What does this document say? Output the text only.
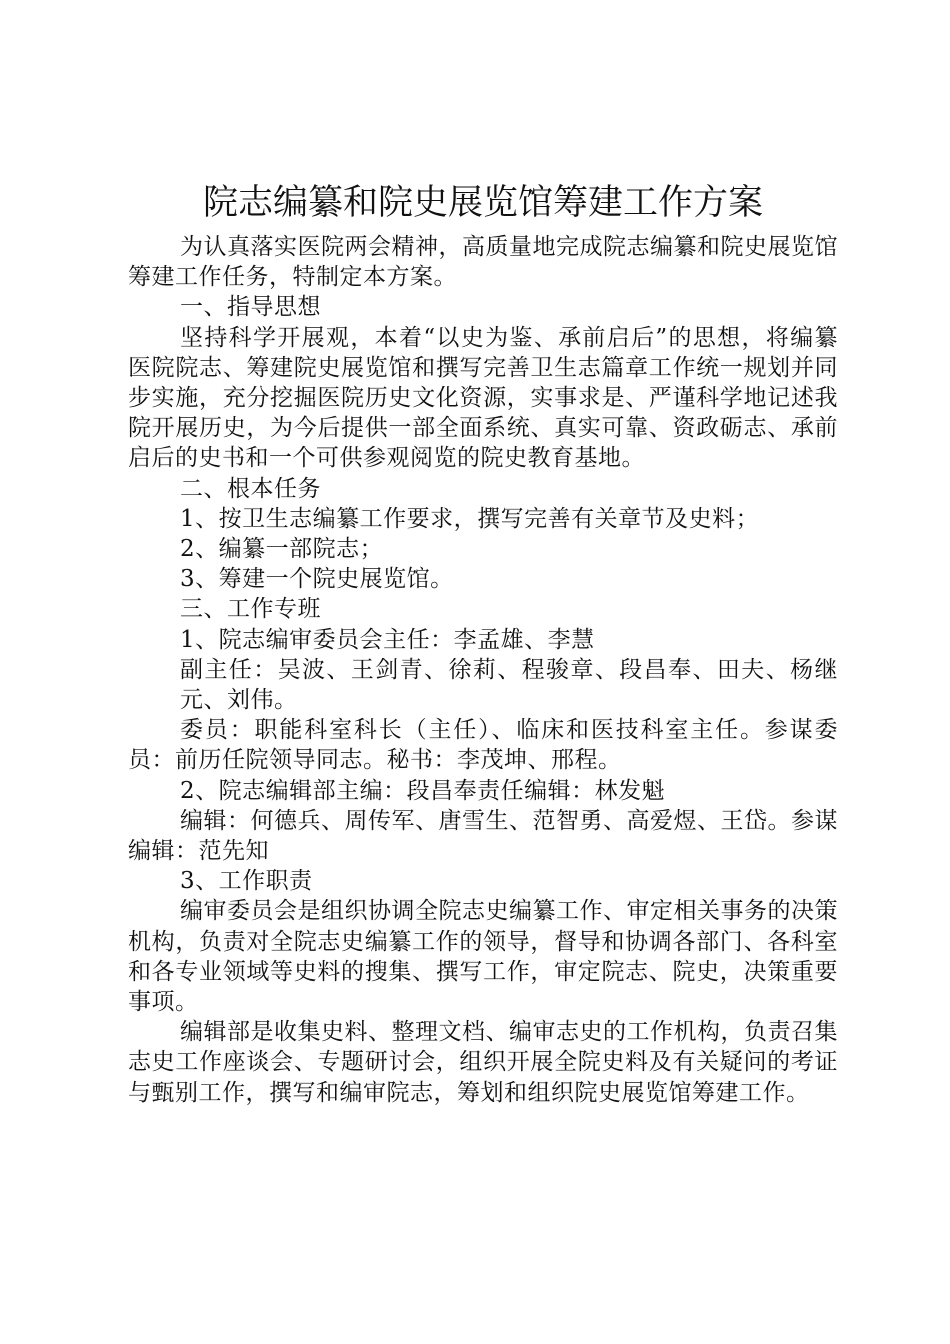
院志编纂和院史展览馆筹建工作方案

为认真落实医院两会精神，高质量地完成院志编纂和院史展览馆筹建工作任务，特制定本方案。

一、指导思想

坚持科学开展观，本着“以史为鉴、承前启后”的思想，将编纂医院院志、筹建院史展览馆和撰写完善卫生志篇章工作统一规划并同步实施，充分挖掘医院历史文化资源，实事求是、严谨科学地记述我院开展历史，为今后提供一部全面系统、真实可靠、资政砺志、承前启后的史书和一个可供参观阅览的院史教育基地。

二、根本任务

1、按卫生志编纂工作要求，撰写完善有关章节及史料；

2、编纂一部院志；

3、筹建一个院史展览馆。

三、工作专班

1、院志编审委员会主任：李孟雄、李慧

副主任：吴波、王剑青、徐莉、程骏章、段昌奉、田夫、杨继元、刘伟。

委员：职能科室科长（主任）、临床和医技科室主任。参谋委员：前历任院领导同志。秘书：李茂坤、邢程。

2、院志编辑部主编：段昌奉责任编辑：林发魁

编辑：何德兵、周传军、唐雪生、范智勇、高爱煜、王岱。参谋编辑：范先知

3、工作职责

编审委员会是组织协调全院志史编纂工作、审定相关事务的决策机构，负责对全院志史编纂工作的领导，督导和协调各部门、各科室和各专业领域等史料的搜集、撰写工作，审定院志、院史，决策重要事项。

编辑部是收集史料、整理文档、编审志史的工作机构，负责召集志史工作座谈会、专题研讨会，组织开展全院史料及有关疑问的考证与甄别工作，撰写和编审院志，筹划和组织院史展览馆筹建工作。
